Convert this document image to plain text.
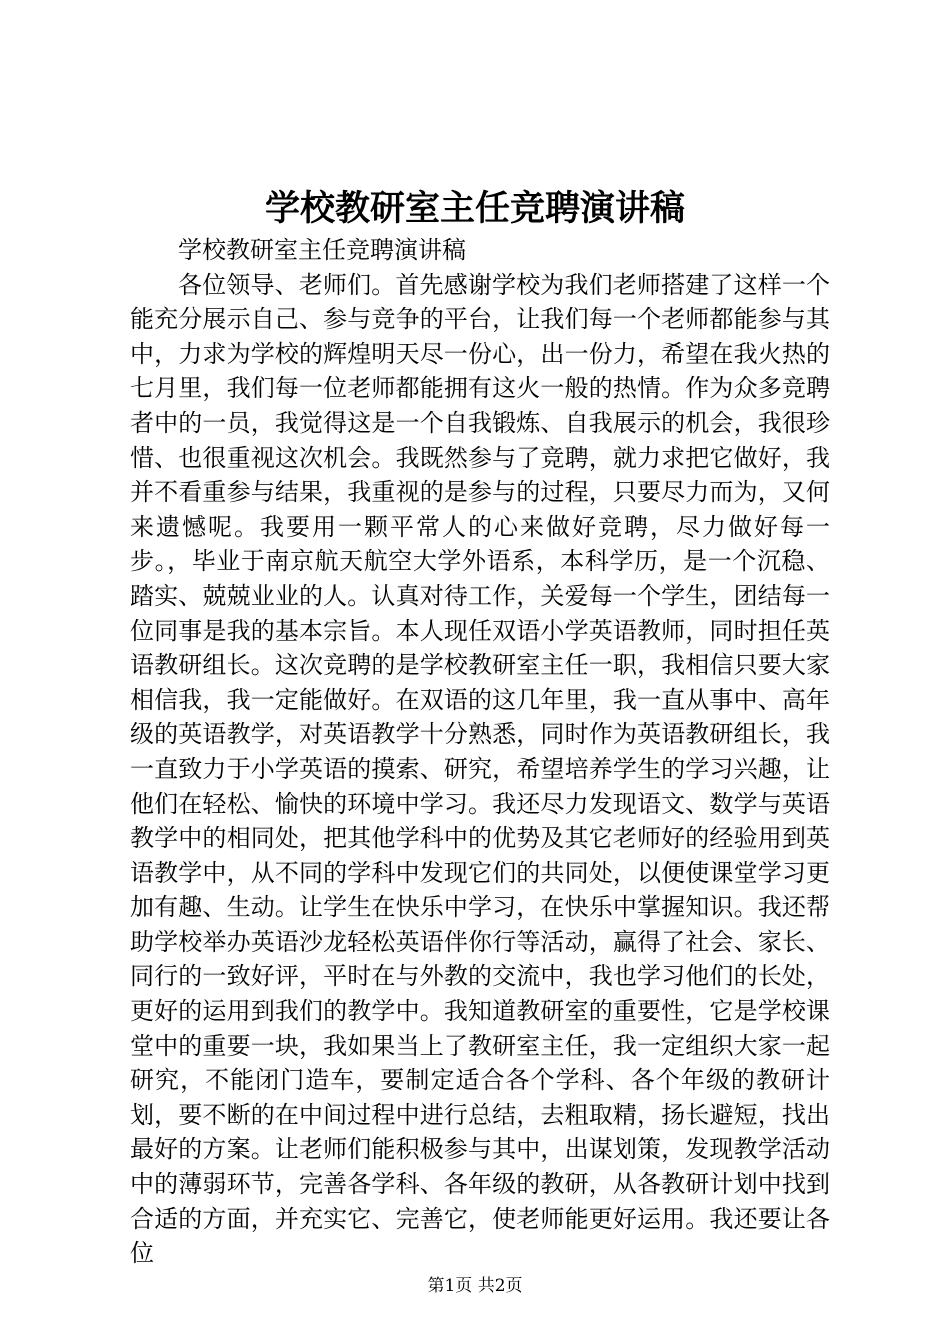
学校教研室主任竞聘演讲稿

学校教研室主任竞聘演讲稿

各位领导、老师们。首先感谢学校为我们老师搭建了这样一个能充分展示自己、参与竞争的平台，让我们每一个老师都能参与其中，力求为学校的辉煌明天尽一份心，出一份力，希望在我火热的七月里，我们每一位老师都能拥有这火一般的热情。作为众多竞聘者中的一员，我觉得这是一个自我锻炼、自我展示的机会，我很珍惜、也很重视这次机会。我既然参与了竞聘，就力求把它做好，我并不看重参与结果，我重视的是参与的过程，只要尽力而为，又何来遗憾呢。我要用一颗平常人的心来做好竞聘，尽力做好每一步。，毕业于南京航天航空大学外语系，本科学历，是一个沉稳、踏实、兢兢业业的人。认真对待工作，关爱每一个学生，团结每一位同事是我的基本宗旨。本人现任双语小学英语教师，同时担任英语教研组长。这次竞聘的是学校教研室主任一职，我相信只要大家相信我，我一定能做好。在双语的这几年里，我一直从事中、高年级的英语教学，对英语教学十分熟悉，同时作为英语教研组长，我一直致力于小学英语的摸索、研究，希望培养学生的学习兴趣，让他们在轻松、愉快的环境中学习。我还尽力发现语文、数学与英语教学中的相同处，把其他学科中的优势及其它老师好的经验用到英语教学中，从不同的学科中发现它们的共同处，以便使课堂学习更加有趣、生动。让学生在快乐中学习，在快乐中掌握知识。我还帮助学校举办英语沙龙轻松英语伴你行等活动，赢得了社会、家长、同行的一致好评，平时在与外教的交流中，我也学习他们的长处，更好的运用到我们的教学中。我知道教研室的重要性，它是学校课堂中的重要一块，我如果当上了教研室主任，我一定组织大家一起研究，不能闭门造车，要制定适合各个学科、各个年级的教研计划，要不断的在中间过程中进行总结，去粗取精，扬长避短，找出最好的方案。让老师们能积极参与其中，出谋划策，发现教学活动中的薄弱环节，完善各学科、各年级的教研，从各教研计划中找到合适的方面，并充实它、完善它，使老师能更好运用。我还要让各位

第1页 共2页
